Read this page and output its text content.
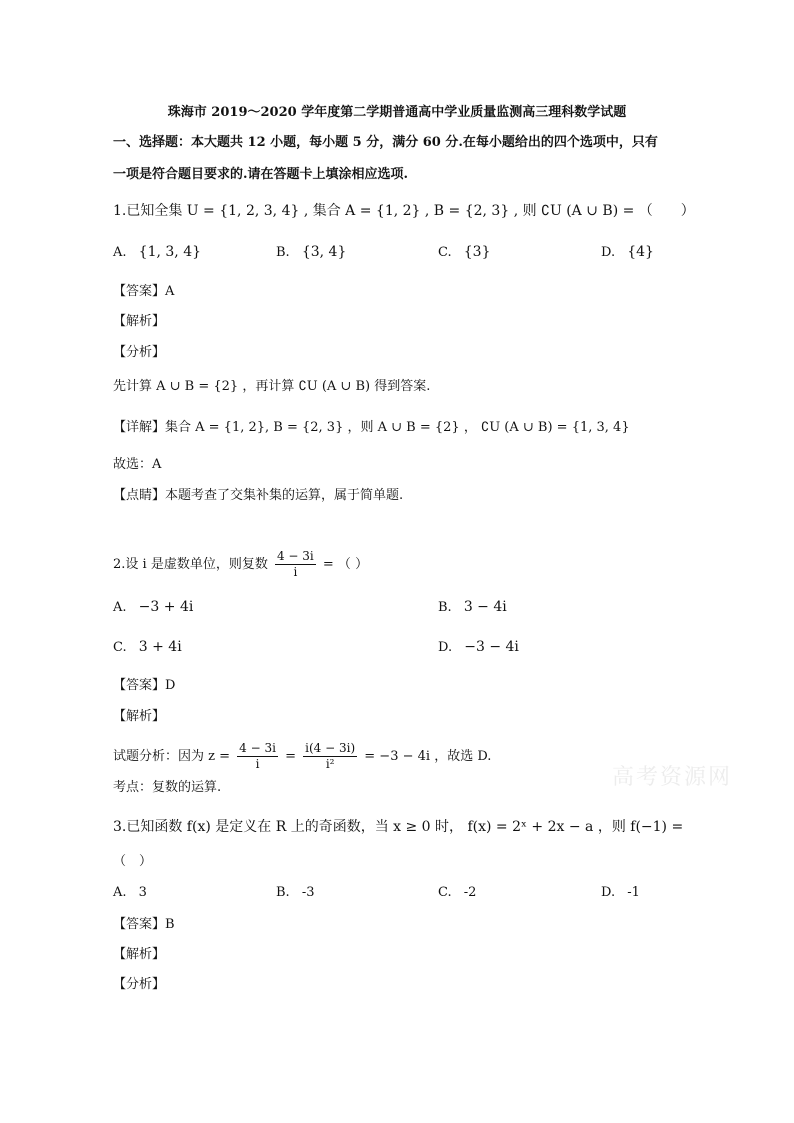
珠海市 2019～2020 学年度第二学期普通高中学业质量监测高三理科数学试题
一、选择题：本大题共 12 小题，每小题 5 分，满分 60 分.在每小题给出的四个选项中，只有
一项是符合题目要求的.请在答题卡上填涂相应选项.
1.已知全集 U = {1, 2, 3, 4} , 集合 A = {1, 2} , B = {2, 3} , 则 ∁U (A ∪ B) = （　　）
A. {1, 3, 4}	B. {3, 4}	C. {3}	D. {4}
【答案】A
【解析】
【分析】
先计算 A ∪ B = {2} ，再计算 ∁U (A ∪ B) 得到答案.
【详解】集合 A = {1, 2}, B = {2, 3} ，则 A ∪ B = {2} ， ∁U (A ∪ B) = {1, 3, 4}
故选：A
【点睛】本题考查了交集补集的运算，属于简单题.
2.设 i 是虚数单位，则复数 $\frac{4 - 3i}{i}$ = （ ）
A. −3 + 4i	B. 3 − 4i
C. 3 + 4i	D. −3 − 4i
【答案】D
【解析】
试题分析：因为 $z = \frac{4 - 3i}{i} = \frac{i(4 - 3i)}{\text{i²}} = -3 - 4i$ ，故选 D.
考点：复数的运算.
3.已知函数 f(x) 是定义在 R 上的奇函数，当 x ≥ 0 时， f(x) = 2ˣ + 2x − a ，则 f(−1) =
（　）
A. 3	B. -3	C. -2	D. -1
【答案】B
【解析】
【分析】
高考资源网
